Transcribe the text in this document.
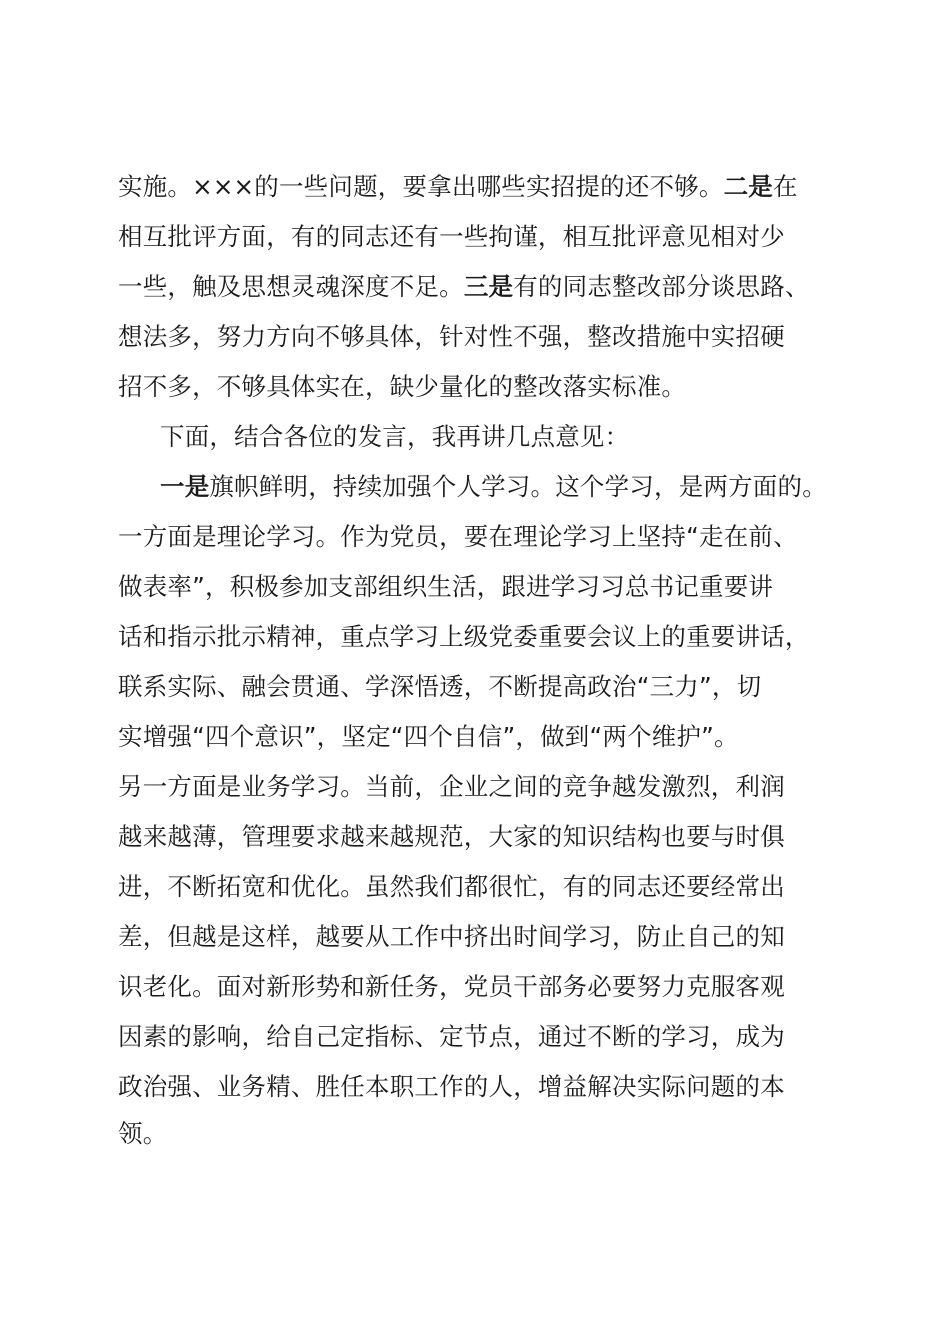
实施。×××的一些问题，要拿出哪些实招提的还不够。二是在
相互批评方面，有的同志还有一些拘谨，相互批评意见相对少
一些，触及思想灵魂深度不足。三是有的同志整改部分谈思路、
想法多，努力方向不够具体，针对性不强，整改措施中实招硬
招不多，不够具体实在，缺少量化的整改落实标准。
下面，结合各位的发言，我再讲几点意见：
一是旗帜鲜明，持续加强个人学习。这个学习，是两方面的。
一方面是理论学习。作为党员，要在理论学习上坚持“走在前、
做表率”，积极参加支部组织生活，跟进学习习总书记重要讲
话和指示批示精神，重点学习上级党委重要会议上的重要讲话，
联系实际、融会贯通、学深悟透，不断提高政治“三力”，切
实增强“四个意识”，坚定“四个自信”，做到“两个维护”。
另一方面是业务学习。当前，企业之间的竞争越发激烈，利润
越来越薄，管理要求越来越规范，大家的知识结构也要与时俱
进，不断拓宽和优化。虽然我们都很忙，有的同志还要经常出
差，但越是这样，越要从工作中挤出时间学习，防止自己的知
识老化。面对新形势和新任务，党员干部务必要努力克服客观
因素的影响，给自己定指标、定节点，通过不断的学习，成为
政治强、业务精、胜任本职工作的人，增益解决实际问题的本
领。
